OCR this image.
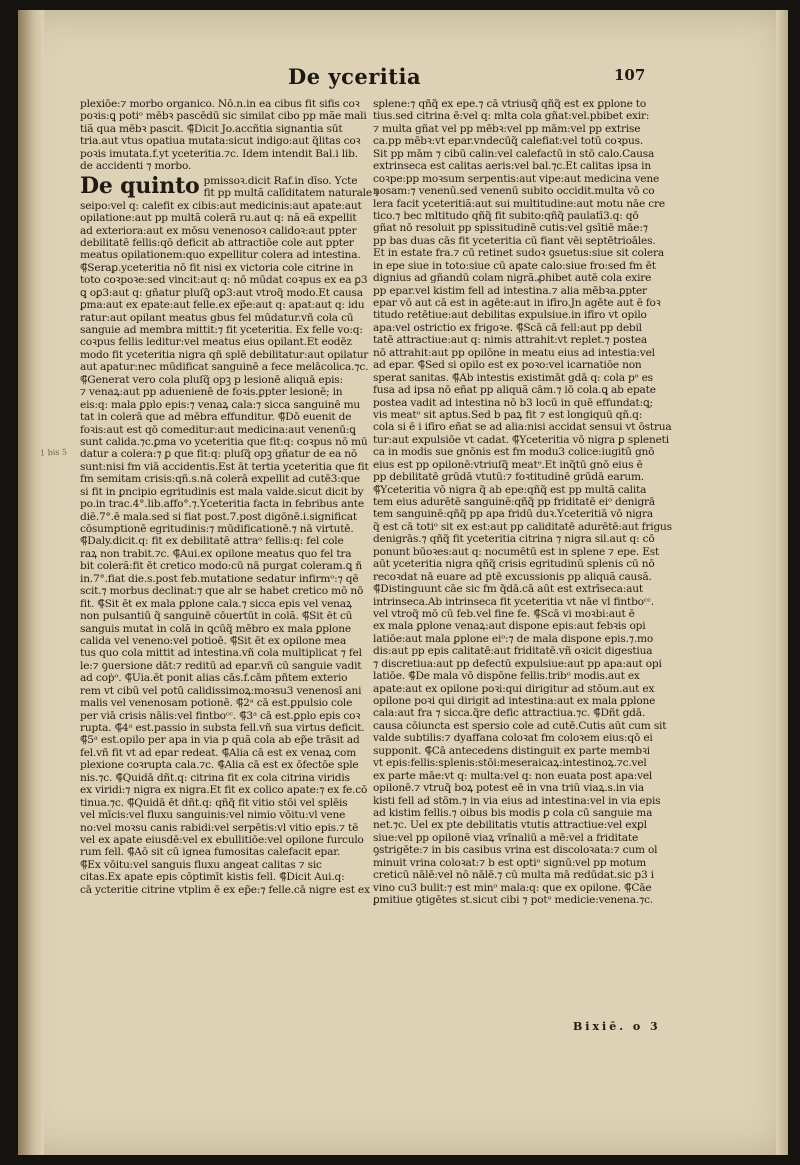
De yceritia	107
1 bis 5
plexiōe:⁊ morbo organico. Nō.n.in ea cibus fit sifis coꝛ
poꝛis:ꝗ potiᵒ mēbꝛ pascēdū sic similat cibo pp mãe mali
tiã qua mēbꝛ pascit. ⸿Dicit Jo.accñtia signantia sūt
tria.aut vtus opatiua mutata:sicut indigo:aut q̃litas coꝛ
poꝛis imutata.f.yt yceteritia.⁊c. Idem intendit Bal.i lib.
de accidenti ⁊ morbo.
De quinto pmissoꝛ.dicit Raf.in dīso. Ycte
fit pp multã calīditatem naturale i
seipo:vel q: calefit ex cibis:aut medicinis:aut apate:aut
opilatione:aut pp multã colerã ru.aut q: nã eã expellit
ad exteriora:aut ex mōsu venenosoꝛ calidoꝛ:aut ppter
debilitatē fellis:qō deficit ab attractiōe cole aut ppter
meatus opilationem:quo expellitur colera ad intestina.
⸿Seraꝑ.yceteritia nō fit nisi ex victoria cole citrine in
toto coꝛpoꝛe:sed vincit:aut q: nō mūdat coꝛpus ex ea ꝑ3
ꝗ oꝑ3:aut q: gñatur pluſq̃ oꝑ3:aut vtroq̃ modo.Et causa
ꝑma:aut ex epate:aut felle.ex ep̃e:aut q: apat:aut q: idu
ratur:aut opilant meatus gbus fel mūdatur.vñ cola cū
sanguie ad membra mittit:⁊ fit yceteritia. Ex felle vo:q:
coꝛpus fellis leditur:vel meatus eius opilant.Et eodēz
modo fit yceteritia nigra qñ splē debilitatur:aut opilatur
aut apatur:nec mūdificat sanguinē a fece melācolica.⁊c.
⸿Generat vero cola pluſq̃ opꝫ p lesionē aliquā epis:
⁊ venaꝝ:aut pp aduenienē de foꝛis.ꝑpter lesionē; in
eis:q: mala ꝑplo epis:⁊ venaꝝ cala:⁊ sicca sanguinē mu
tat in colerā que ad mēbra effunditur. ⸿Dō euenit de
foꝛis:aut est qō comeditur:aut medicina:aut venenū:ꝗ
sunt calida.⁊c.ꝑma vo yceteritia que fit:q: coꝛpus nō mū
datur a colera:⁊ ꝑ que fit:q: pluſq̃ opꝫ gñatur de ea nō
sunt:nisi fm viā accidentis.Est āt tertia yceteritia que fit
fm semitam crisis:qñ.s.nā colerā expellit ad cutē3:que
si fit in ꝑncipio egritudinis est mala valde.sicut dicit by
po.in trac.4°.lib.affo°.⁊.Yceteritia facta in febribus ante
diē.7°.ē mala.sed si fiat post.7.post digōnē.i.significat
cōsumptionē egritudinis:⁊ mūdificationē.⁊ nā virtutē.
⸿Daly.dicit.q: fit ex debilitatē attraᵒ fellis:q: fel cole
raꝝ non trabit.⁊c. ⸿Aui.ex opilone meatus quo fel tra
bit colerã:fit ēt cretico modo:cū nā purgat coleram.ꝗ ñ
in.7°.fiat die.s.post feb.mutatione sedatur infirmᵒ:⁊ qē
scit.⁊ morbus declinat:⁊ que alr se habet cretico mō nō
fit. ⸿Sit ēt ex mala ꝑplone cala.⁊ sicca epis vel venaꝝ
non pulsantiū q̃ sanguinē cōuertūt in colã. ⸿Sit ēt cū
sanguis mutat in colã in ꝗcūq̃ mēbro ex mala ꝑplone
calida vel veneno:vel potioē. ⸿Sit ēt ex opilone mea
tus quo cola mittit ad intestina.vñ cola multiplicat ⁊ fel
le:⁊ ꝯuersione dāt:⁊ reditū ad epar.vñ cū sanguie vadit
ad coṗᵒ. ⸿Uia.ēt ponit alias cās.f.cām pñtem exterio
rem vt cibū vel potū calidissimoꝝ:moꝛsu3 venenosī ani
malis vel venenosam potionē. ⸿2ᵃ cā est.ꝑpulsio cole
per viā crisis nālis:vel fintboᶜᶜ. ⸿3ᵃ cā est.ꝑplo epis coꝛ
rupta. ⸿4ᵃ est.passio in substa fell.vñ sua virtus deficit.
⸿5ᵃ est.opilo per apa in via p quã cola ab ep̃e trāsit ad
fel.vñ fit vt ad epar redeat. ⸿Alia cā est ex venaꝝ com
plexione coꝛrupta cala.⁊c. ⸿Alia cā est ex ōfectōe sple
nis.⁊c. ⸿Quidā dñt.q: citrina fit ex cola citrina viridis
ex viridi:⁊ nigra ex nigra.Et fit ex colico apate:⁊ ex fe.cō
tinua.⁊c. ⸿Quidā ēt dñt.q: qñq̃ fit vitio stōi vel splēis
vel mīcis:vel fluxu sanguinis:vel nimio vōitu:vl vene
no:vel moꝛsu canis rabidi:vel serpētis:vl vitio epis.⁊ tē
vel ex apate eiusdē:vel ex ebullitiōe:vel opilone furculo
rum fell. ⸿Aō sit cū ignea fumositas calefacit epar.
⸿Ex vōitu:vel sanguis fluxu angeat calitas ⁊ sic
citas.Ex apate epis cōptimīt kistis fell. ⸿Dicit Aui.q:
cā ycteritie citrine vtplim ē ex ep̃e:⁊ felle.cā nigre est ex
splene:⁊ qñq̃ ex epe.⁊ cā vtriusq̃ qñq̃ est ex ꝑplone to
tius.sed citrina ē:vel q: mlta cola gñat:vel.pbibet exir:
⁊ multa gñat vel pp mēbꝛ:vel pp mām:vel pp extrise
ca.pp mēbꝛ:vt epar.vndecūq̃ calefiat:vel totū coꝛpus.
Sit pp mām ⁊ cibū calin:vel calefactū in stō calo.Causa
extrinseca est calitas aeris:vel bal.⁊c.Et calitas ipsa in
coꝛpe:pp moꝛsum serpentis:aut vipe:aut medicina vene
nosam:⁊ venenū.sed venenū subito occidit.multa vō co
lera facit yceteritiã:aut sui multitudine:aut motu nāe cre
tico.⁊ bec mltitudo qñq̃ fit subito:qñq̃ paulatī3.q: qō
gñat nō resoluit pp spissitudinē cutis:vel gsītiē māe:⁊
pp bas duas cās fit yceteritia cū fiant vēi septētrioāles.
Et in estate fra.⁊ cū retinet sudoꝛ ꝯsuetus:siue sit colera
in epe siue in toto:siue cū apate calo:siue fro:sed fm ēt
dignius ad gñandū colam nigrã.ꝓhibet autē cola exire
pp epar.vel kistim fell ad intestina.⁊ alia mēbꝛa.ꝑpter
epar vō aut cā est in agēte:aut in ifīro.Jn agēte aut ē foꝛ
titudo retētiue:aut debilitas expulsiue.in ifīro vt opilo
apa:vel ostrictio ex frigoꝛe. ⸿Scā cā fell:aut pp debil
tatē attractiue:aut q: nimis attrahit:vt replet.⁊ postea
nō attrahit:aut pp opilōne in meatu eius ad intestia:vel
ad epar. ⸿Sed si opilo est ex poꝛo:vel icarnatiōe non
sperat sanitas. ⸿Ab intestis existimāt gdā q: cola pᵒ es
fusa ad ipsa nō eñat pp aliquã cām.⁊ iō cola.ꝗ ab epate
postea vadit ad intestina nō b3 locū in quē effundat:ꝗ;
vis meatᵒ sit aptus.Sed b paꝝ fit ⁊ est longiquū qñ.q:
cola si ē i ifīro eñat se ad alia:nisi accidat sensui vt ōstrua
tur:aut expulsiōe vt cadat. ⸿Yceteritia vō nigra ꝑ spleneti
ca in modis sue gnōnis est fm modu3 colice:iugitū gnō
eius est pp opilonē:vtriuſq̃ meatᵒ.Et inq̃tū gnō eius ē
pp debilitatē grūdā vtutū:⁊ foꝛtitudinē grūdā earum.
⸿Yceteritia vō nigra q̃ ab epe:qñq̃ est pp multã calita
tem eius adurētē sanguinē:qñq̃ pp friditatē eiᵒ denigrā
tem sanguinē:qñq̃ pp apa fridū duꝛ.Yceteritiā vō nigra
q̃ est cā totiᵒ sit ex est:aut pp caliditatē adurētē:aut frigus
denigrās.⁊ qñq̃ fit yceteritia citrina ⁊ nigra sil.aut q: cō
ponunt būoꝛes:aut q: nocumētū est in splene ⁊ epe. Est
aūt yceteritia nigra qñq̃ crisis egritudinū splenis cū nō
recoꝛdat nā euare ad ptē excussionis pp aliquã causã.
⸿Distinguunt cāe sic fm q̃dā.cā aūt est extrīseca:aut
intrinseca.Ab intrinseca fit yceteritia vt nāe vl fintboᶜᶜ.
vel vtroq̃ mō cū feb.vel fine fe. ⸿Scā vi moꝛbi:aut ē
ex mala ꝑplone venaꝝ:aut dispone epis:aut febꝛis opi
latiōe:aut mala ꝑplone eiᵒ:⁊ de mala dispone epis.⁊.mo
dis:aut pp epis calitatē:aut friditatē.vñ oꝛicit digestiua
⁊ discretiua:aut pp defectū expulsiue:aut pp apa:aut opi
latiōe. ⸿De mala vō dispōne fellis.tribᵒ modis.aut ex
apate:aut ex opilone poꝛi:qui dirigitur ad stōum.aut ex
opilone poꝛi qui dirigit ad intestina:aut ex mala ꝑplone
cala:aut fra ⁊ sicca.q̃re defic attractiua.⁊c. ⸿Dñt gdā.
causa cōiuncta est spersio cole ad cutē.Cutis aūt cum sit
valde subtilis:⁊ dyaffana coloꝛat fm coloꝛem eius:qō ei
supponit. ⸿Cā antecedens distinguit ex parte membꝛi
vt epis:fellis:splenis:stōi:meseraicaꝝ:intestinoꝝ.⁊c.vel
ex parte māe:vt q: multa:vel q: non euata post apa:vel
opilonē.⁊ vtruq̃ boꝝ potest eē in vna triū viaꝝ.s.in via
kisti fell ad stōm.⁊ in via eius ad intestina:vel in via epis
ad kistim fellis.⁊ oibus bis modis ꝑ cola cū sanguie ma
net.⁊c. Uel ex pte debilitatis vtutis attractiue:vel exꝑl
siue:vel pp opilonē viaꝝ vrīnaliū a mē:vel a friditate
ꝯstrigēte:⁊ in bis casibus vrina est discoloꝛata:⁊ cum ol
minuit vrina coloꝛat:⁊ b est optiᵒ signū:vel pp motum
creticū nālē:vel nō nālē.⁊ cū multa mā redūdat.sic p3 i
vino cu3 bulit:⁊ est minᵒ mala:q: que ex opilone. ⸿Cāe
ꝑmitiue ꝯtigētes st.sicut cibi ⁊ potᵒ medicie:venena.⁊c.
Bixiē. o 3
